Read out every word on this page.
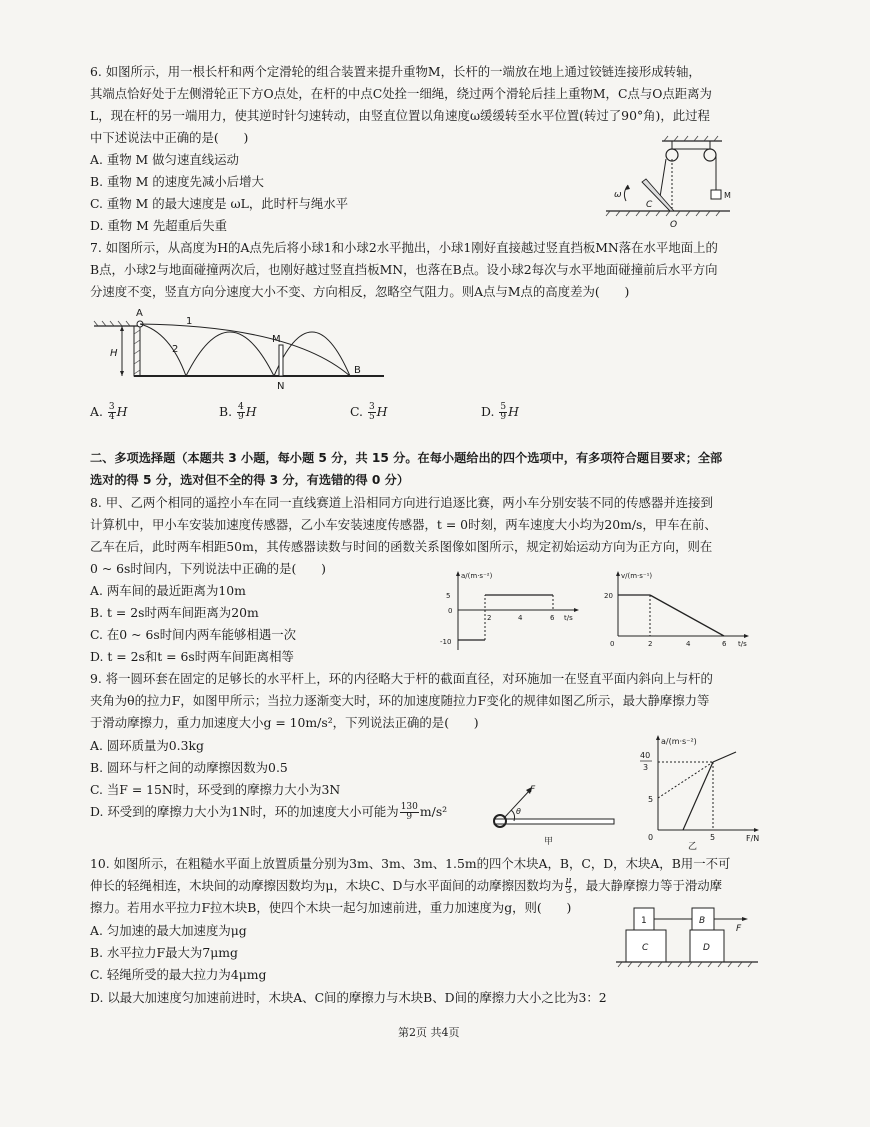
6. 如图所示，用一根长杆和两个定滑轮的组合装置来提升重物M，长杆的一端放在地上通过铰链连接形成转轴，
其端点恰好处于左侧滑轮正下方O点处，在杆的中点C处拴一细绳，绕过两个滑轮后挂上重物M，C点与O点距离为
L，现在杆的另一端用力，使其逆时针匀速转动，由竖直位置以角速度ω缓缓转至水平位置(转过了90°角)，此过程
中下述说法中正确的是(　　)
A. 重物 M 做匀速直线运动
B. 重物 M 的速度先减小后增大
C. 重物 M 的最大速度是 ωL，此时杆与绳水平
D. 重物 M 先超重后失重
M
ω
C
O
7. 如图所示，从高度为H的A点先后将小球1和小球2水平抛出，小球1刚好直接越过竖直挡板MN落在水平地面上的
B点，小球2与地面碰撞两次后，也刚好越过竖直挡板MN，也落在B点。设小球2每次与水平地面碰撞前后水平方向
分速度不变，竖直方向分速度大小不变、方向相反，忽略空气阻力。则A点与M点的高度差为(　　)
H
A
1
2
M
N
B
A. $\frac{3}{4}$ H	B. $\frac{4}{9}$ H	C. $\frac{3}{5}$ H	D. $\frac{5}{9}$ H
二、多项选择题（本题共 3 小题，每小题 5 分，共 15 分。在每小题给出的四个选项中，有多项符合题目要求；全部
选对的得 5 分，选对但不全的得 3 分，有选错的得 0 分）
8. 甲、乙两个相同的遥控小车在同一直线赛道上沿相同方向进行追逐比赛，两小车分别安装不同的传感器并连接到
计算机中，甲小车安装加速度传感器，乙小车安装速度传感器，t = 0时刻，两车速度大小均为20m/s，甲车在前、
乙车在后，此时两车相距50m，其传感器读数与时间的函数关系图像如图所示，规定初始运动方向为正方向，则在
0 ~ 6s时间内，下列说法中正确的是(　　)
A. 两车间的最近距离为10m
B. t = 2s时两车间距离为20m
C. 在0 ~ 6s时间内两车能够相遇一次
D. t = 2s和t = 6s时两车间距离相等
a/(m·s⁻²)
t/s
5
0
-10
2	4	6
v/(m·s⁻¹)
t/s
20
0	2	4	6
9. 将一圆环套在固定的足够长的水平杆上，环的内径略大于杆的截面直径，对环施加一在竖直平面内斜向上与杆的
夹角为θ的拉力F，如图甲所示；当拉力逐渐变大时，环的加速度随拉力F变化的规律如图乙所示，最大静摩擦力等
于滑动摩擦力，重力加速度大小g = 10m/s²，下列说法正确的是(　　)
A. 圆环质量为0.3kg
B. 圆环与杆之间的动摩擦因数为0.5
C. 当F = 15N时，环受到的摩擦力大小为3N
D. 环受到的摩擦力大小为1N时，环的加速度大小可能为 $\frac{130}{9} m/s^2$
F
θ
甲
a/(m·s⁻²)
F/N
40
3
5
0	5
乙
10. 如图所示，在粗糙水平面上放置质量分别为3m、3m、3m、1.5m的四个木块A，B，C，D，木块A，B用一不可
伸长的轻绳相连，木块间的动摩擦因数均为μ，木块C、D与水平面间的动摩擦因数均为 $\frac{\mu}{3}$ ，最大静摩擦力等于滑动摩
擦力。若用水平拉力F拉木块B，使四个木块一起匀加速前进，重力加速度为g，则(　　)
A. 匀加速的最大加速度为μg
B. 水平拉力F最大为7μmg
C. 轻绳所受的最大拉力为4μmg
D. 以最大加速度匀加速前进时，木块A、C间的摩擦力与木块B、D间的摩擦力大小之比为3：2
1	B
C	D
F
第2页 共4页
